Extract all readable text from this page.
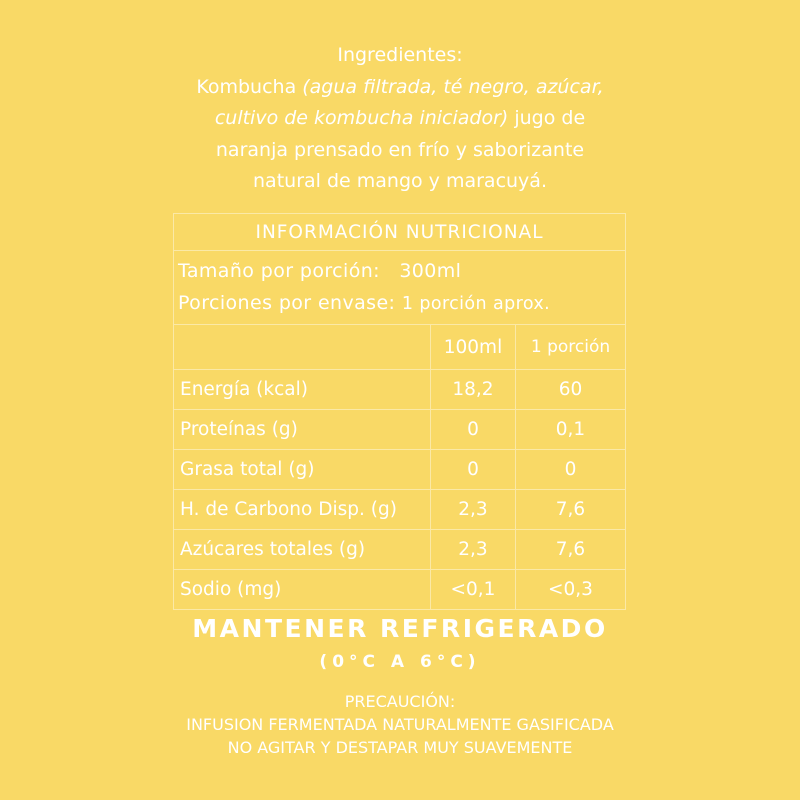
Ingredientes:
Kombucha (agua filtrada, té negro, azúcar,
cultivo de kombucha iniciador) jugo de
naranja prensado en frío y saborizante
natural de mango y maracuyá.
INFORMACIÓN NUTRICIONAL		

Tamaño por porción: 300ml
Porciones por envase: 1 porción aprox.		

	100ml	1 porción
Energía (kcal)	18,2	60
Proteínas (g)	0	0,1
Grasa total (g)	0	0
H. de Carbono Disp. (g)	2,3	7,6
Azúcares totales (g)	2,3	7,6
Sodio (mg)	<0,1	<0,3
MANTENER REFRIGERADO
(0°C A 6°C)
PRECAUCIÓN:
INFUSION FERMENTADA NATURALMENTE GASIFICADA
NO AGITAR Y DESTAPAR MUY SUAVEMENTE
